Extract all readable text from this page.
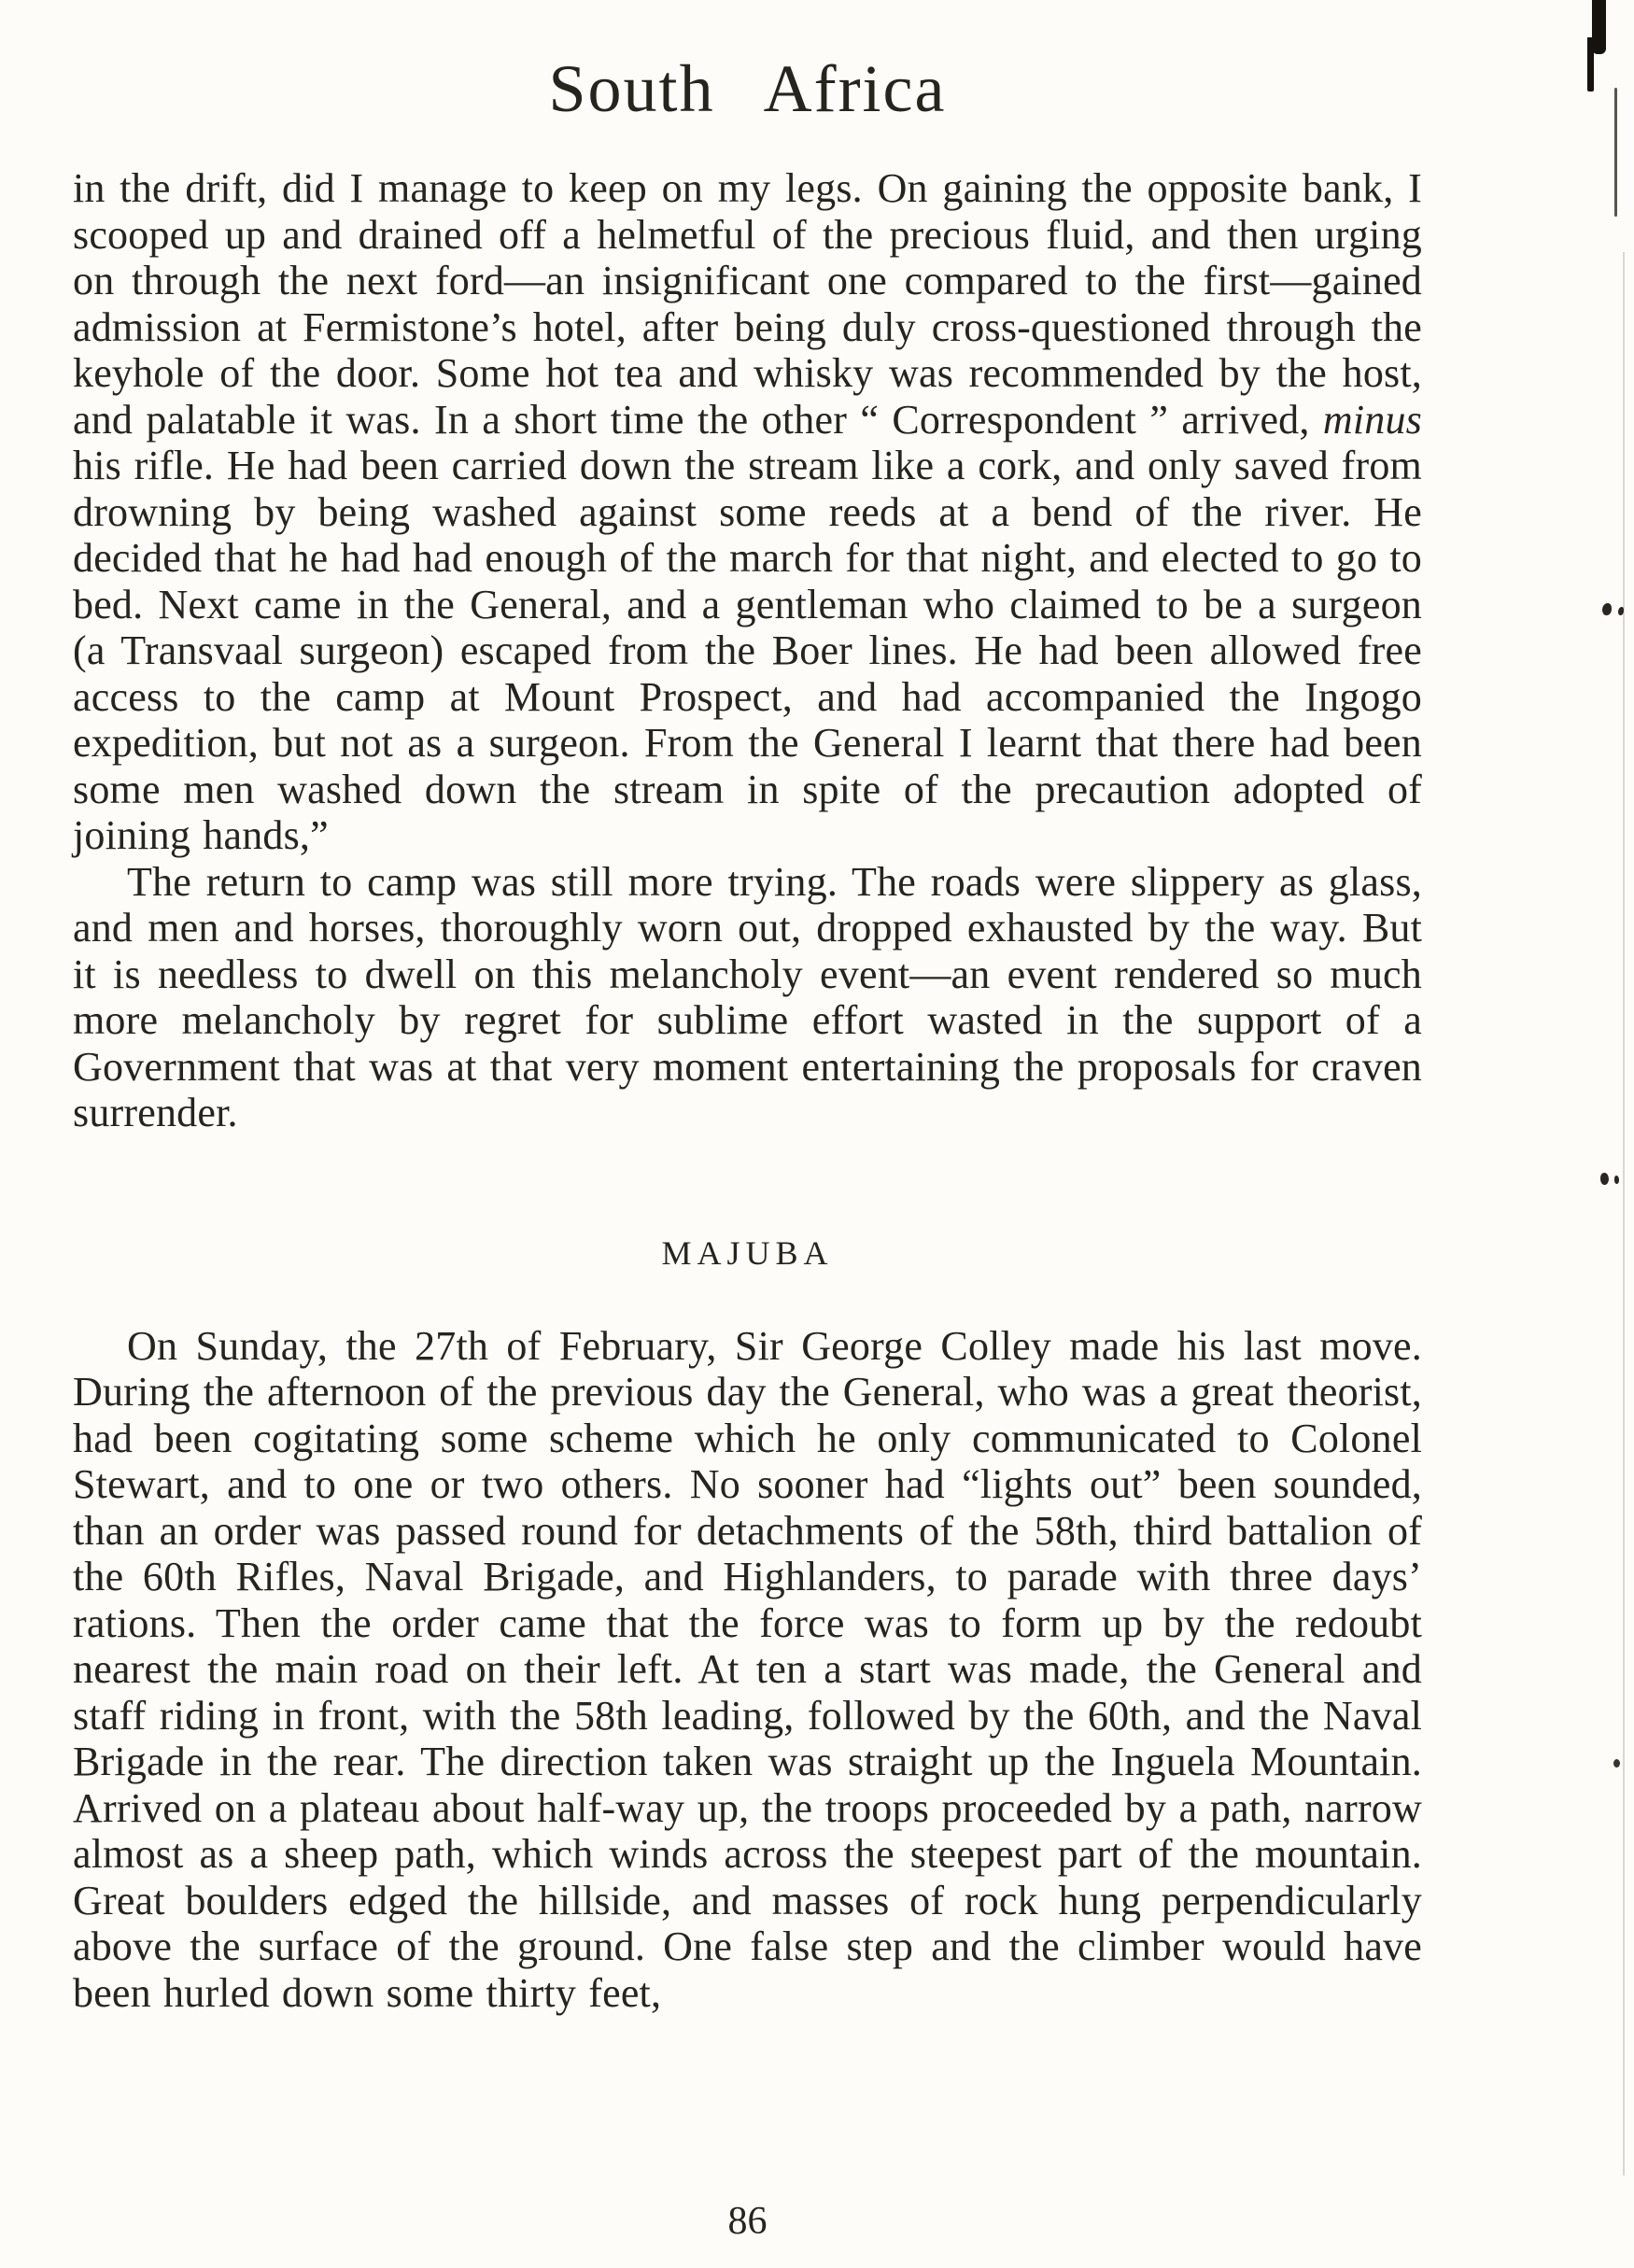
South Africa

in the drift, did I manage to keep on my legs. On gaining the opposite bank, I scooped up and drained off a helmetful of the precious fluid, and then urging on through the next ford—an insignificant one compared to the first—gained admission at Fermistone’s hotel, after being duly cross-questioned through the keyhole of the door. Some hot tea and whisky was recommended by the host, and palatable it was. In a short time the other “ Correspondent ” arrived, minus his rifle. He had been carried down the stream like a cork, and only saved from drowning by being washed against some reeds at a bend of the river. He decided that he had had enough of the march for that night, and elected to go to bed. Next came in the General, and a gentleman who claimed to be a surgeon (a Transvaal surgeon) escaped from the Boer lines. He had been allowed free access to the camp at Mount Prospect, and had accompanied the Ingogo expedition, but not as a surgeon. From the General I learnt that there had been some men washed down the stream in spite of the precaution adopted of joining hands,”

The return to camp was still more trying. The roads were slippery as glass, and men and horses, thoroughly worn out, dropped exhausted by the way. But it is needless to dwell on this melancholy event—an event rendered so much more melancholy by regret for sublime effort wasted in the support of a Government that was at that very moment entertaining the proposals for craven surrender.

MAJUBA

On Sunday, the 27th of February, Sir George Colley made his last move. During the afternoon of the previous day the General, who was a great theorist, had been cogitating some scheme which he only communicated to Colonel Stewart, and to one or two others. No sooner had “lights out” been sounded, than an order was passed round for detachments of the 58th, third battalion of the 60th Rifles, Naval Brigade, and Highlanders, to parade with three days’ rations. Then the order came that the force was to form up by the redoubt nearest the main road on their left. At ten a start was made, the General and staff riding in front, with the 58th leading, followed by the 60th, and the Naval Brigade in the rear. The direction taken was straight up the Inguela Mountain. Arrived on a plateau about half-way up, the troops proceeded by a path, narrow almost as a sheep path, which winds across the steepest part of the mountain. Great boulders edged the hillside, and masses of rock hung perpendicularly above the surface of the ground. One false step and the climber would have been hurled down some thirty feet,

86
